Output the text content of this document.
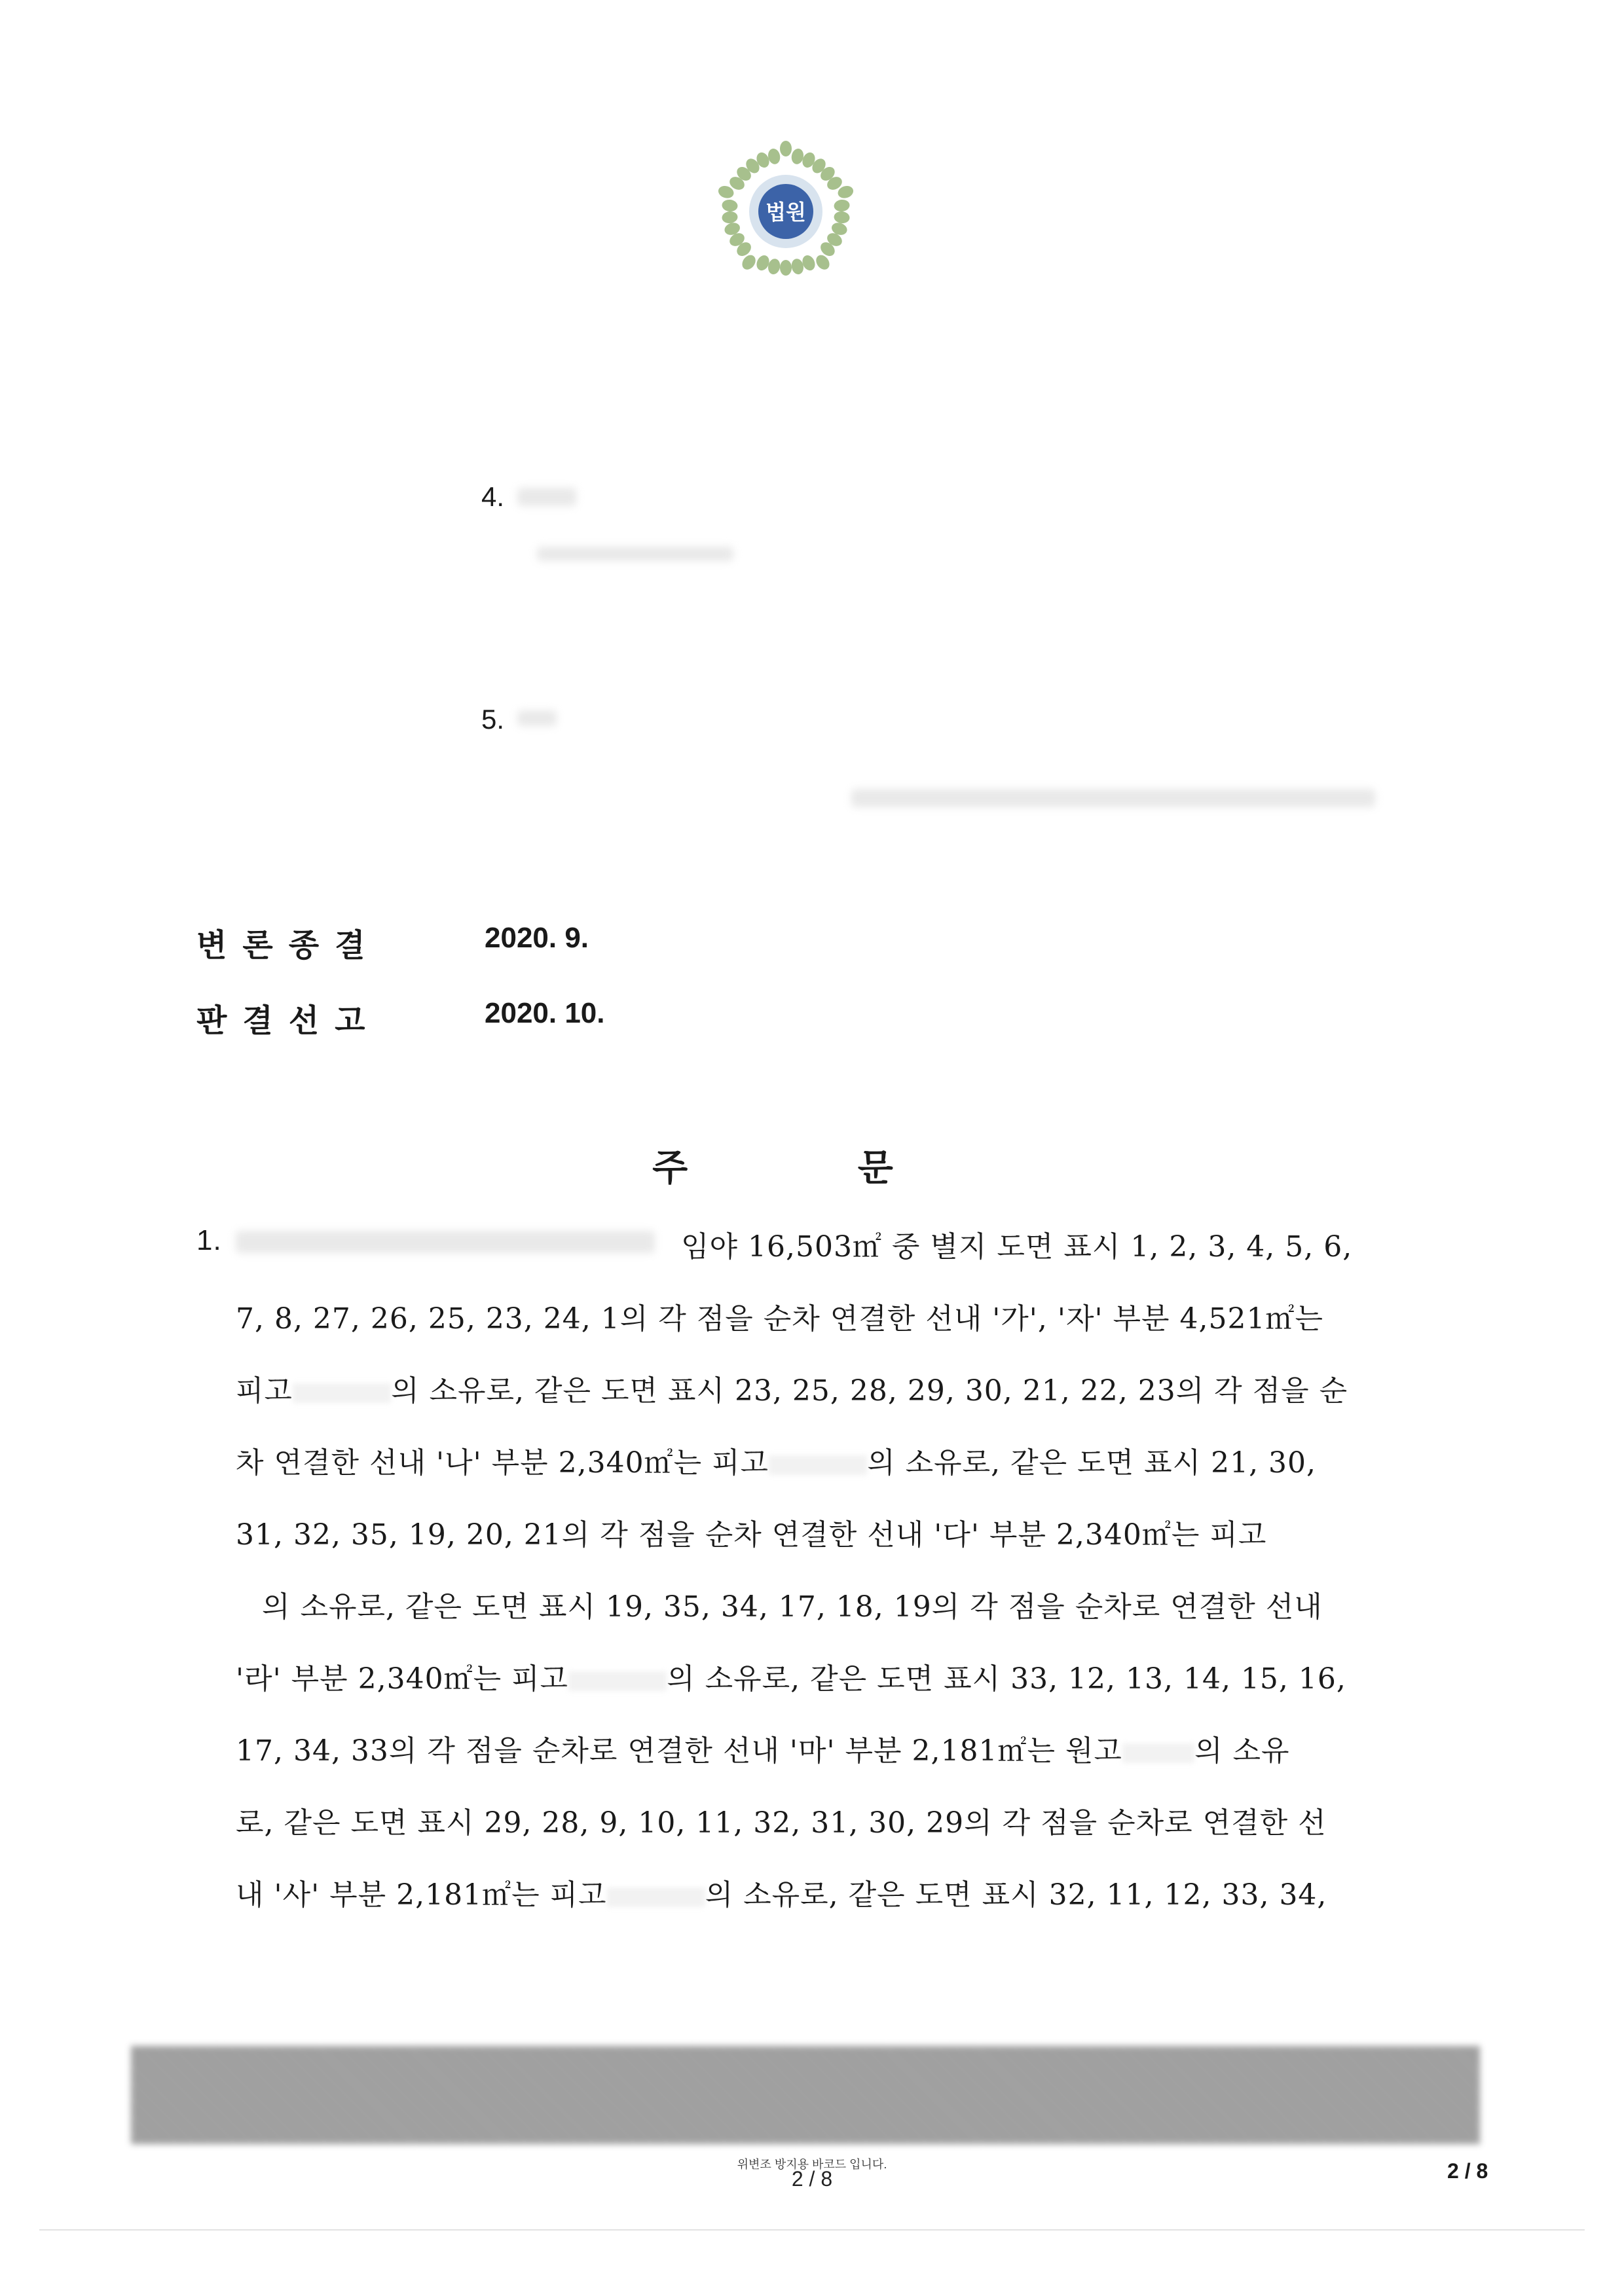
법원
4.
5.
변론종결	2020. 9.
판결선고	2020. 10.
주 문
1.	임야 16,503㎡ 중 별지 도면 표시 1, 2, 3, 4, 5, 6,
7, 8, 27, 26, 25, 23, 24, 1의 각 점을 순차 연결한 선내 '가', '자' 부분 4,521㎡는
피고	의 소유로, 같은 도면 표시 23, 25, 28, 29, 30, 21, 22, 23의 각 점을 순
차 연결한 선내 '나' 부분 2,340㎡는 피고	의 소유로, 같은 도면 표시 21, 30,
31, 32, 35, 19, 20, 21의 각 점을 순차 연결한 선내 '다' 부분 2,340㎡는 피고
의 소유로, 같은 도면 표시 19, 35, 34, 17, 18, 19의 각 점을 순차로 연결한 선내
'라' 부분 2,340㎡는 피고	의 소유로, 같은 도면 표시 33, 12, 13, 14, 15, 16,
17, 34, 33의 각 점을 순차로 연결한 선내 '마' 부분 2,181㎡는 원고	의 소유
로, 같은 도면 표시 29, 28, 9, 10, 11, 32, 31, 30, 29의 각 점을 순차로 연결한 선
내 '사' 부분 2,181㎡는 피고	의 소유로, 같은 도면 표시 32, 11, 12, 33, 34,
위변조 방지용 바코드 입니다.
2 / 8	2 / 8
